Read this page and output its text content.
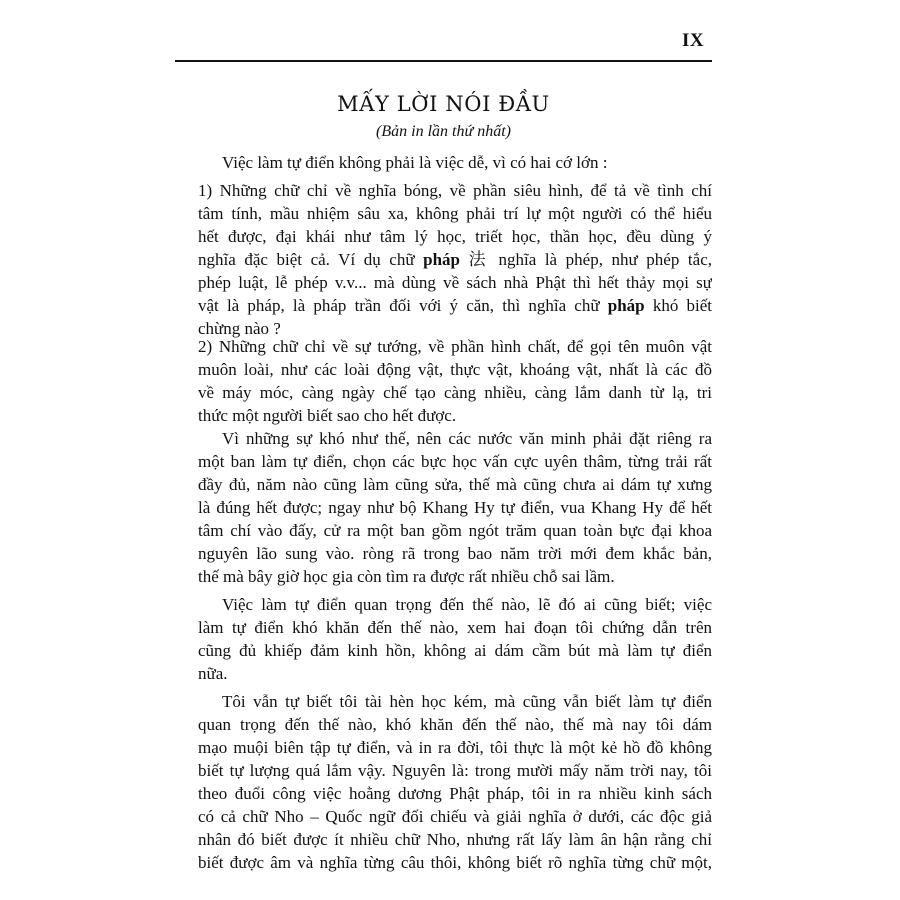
IX
MẤY LỜI NÓI ĐẦU
(Bản in lần thứ nhất)
Việc làm tự điển không phải là việc dễ, vì có hai cớ lớn :
1) Những chữ chỉ về nghĩa bóng, về phần siêu hình, để tả về tình chí
tâm tính, mầu nhiệm sâu xa, không phải trí lự một người có thể hiểu
hết được, đại khái như tâm lý học, triết học, thần học, đều dùng ý
nghĩa đặc biệt cả. Ví dụ chữ pháp 法 nghĩa là phép, như phép tắc,
phép luật, lễ phép v.v... mà dùng về sách nhà Phật thì hết thảy mọi sự
vật là pháp, là pháp trần đối với ý căn, thì nghĩa chữ pháp khó biết
chừng nào ?
2) Những chữ chỉ về sự tướng, về phần hình chất, để gọi tên muôn vật
muôn loài, như các loài động vật, thực vật, khoáng vật, nhất là các đồ
về máy móc, càng ngày chế tạo càng nhiều, càng lắm danh từ lạ, tri
thức một người biết sao cho hết được.
Vì những sự khó như thế, nên các nước văn minh phải đặt riêng ra
một ban làm tự điển, chọn các bực học vấn cực uyên thâm, từng trải rất
đầy đủ, năm nào cũng làm cũng sửa, thế mà cũng chưa ai dám tự xưng
là đúng hết được; ngay như bộ Khang Hy tự điển, vua Khang Hy để hết
tâm chí vào đấy, cử ra một ban gồm ngót trăm quan toàn bực đại khoa
nguyên lão sung vào. ròng rã trong bao năm trời mới đem khắc bản,
thế mà bây giờ học gia còn tìm ra được rất nhiều chỗ sai lầm.
Việc làm tự điển quan trọng đến thế nào, lẽ đó ai cũng biết; việc
làm tự điển khó khăn đến thế nào, xem hai đoạn tôi chứng dẫn trên
cũng đủ khiếp đảm kinh hồn, không ai dám cầm bút mà làm tự điển
nữa.
Tôi vẫn tự biết tôi tài hèn học kém, mà cũng vẫn biết làm tự điển
quan trọng đến thế nào, khó khăn đến thế nào, thế mà nay tôi dám
mạo muội biên tập tự điển, và in ra đời, tôi thực là một kẻ hồ đồ không
biết tự lượng quá lắm vậy. Nguyên là: trong mười mấy năm trời nay, tôi
theo đuổi công việc hoằng dương Phật pháp, tôi in ra nhiều kinh sách
có cả chữ Nho – Quốc ngữ đối chiếu và giải nghĩa ở dưới, các độc giả
nhân đó biết được ít nhiều chữ Nho, nhưng rất lấy làm ân hận rằng chỉ
biết được âm và nghĩa từng câu thôi, không biết rõ nghĩa từng chữ một,
